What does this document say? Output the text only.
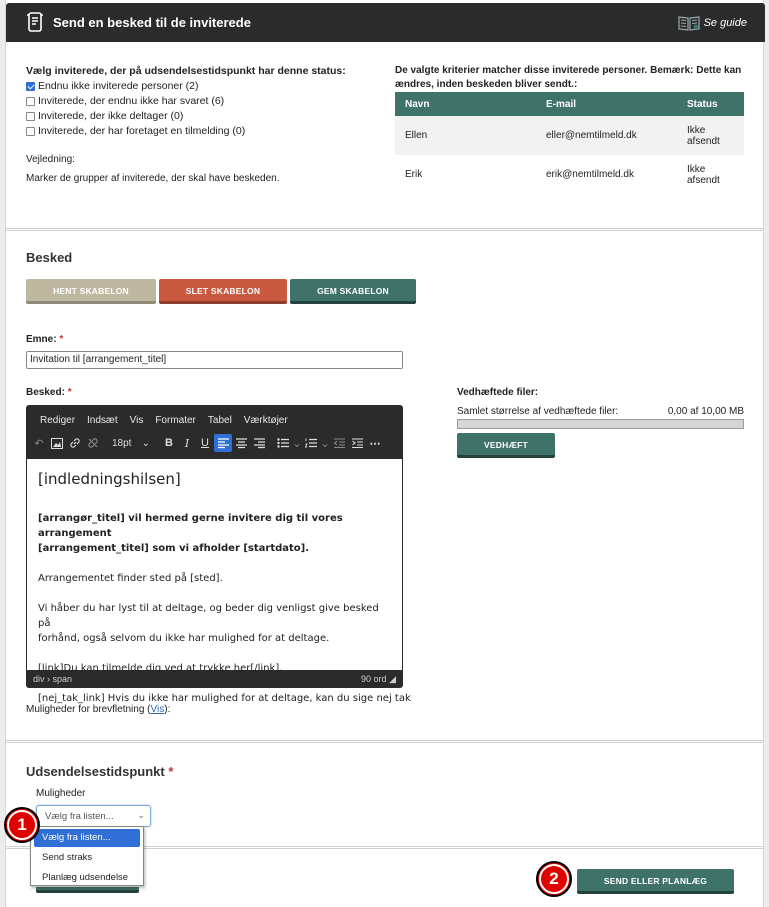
Send en besked til de inviterede	Se guide
Vælg inviterede, der på udsendelsestidspunkt har denne status:
Endnu ikke inviterede personer (2)
Inviterede, der endnu ikke har svaret (6)
Inviterede, der ikke deltager (0)
Inviterede, der har foretaget en tilmelding (0)
Vejledning:
Marker de grupper af inviterede, der skal have beskeden.
De valgte kriterier matcher disse inviterede personer. Bemærk: Dette kan
ændres, inden beskeden bliver sendt.:
Navn	E-mail	Status
Ellen	eller@nemtilmeld.dk	Ikke
afsendt

Erik	erik@nemtilmeld.dk	Ikke
afsendt
Besked
HENT SKABELON	SLET SKABELON	GEM SKABELON
Emne: *
Invitation til [arrangement_titel]
Besked: *
Rediger Indsæt Vis Formater Tabel Værktøjer
↶	18pt ⌄	B	I	U	⌄ ⌄	⋯

[indledningshilsen]

[arrangør_titel] vil hermed gerne invitere dig til vores arrangement
[arrangement_titel] som vi afholder [startdato].

Arrangementet finder sted på [sted].

Vi håber du har lyst til at deltage, og beder dig venligst give besked på
forhånd, også selvom du ikke har mulighed for at deltage.

[link]Du kan tilmelde dig ved at trykke her[/link].

[nej_tak_link] Hvis du ikke har mulighed for at deltage, kan du sige nej tak

div › span	90 ord ◢
Muligheder for brevfletning (Vis):
Vedhæftede filer:
Samlet størrelse af vedhæftede filer:	0,00 af 10,00 MB
VEDHÆFT
Udsendelsestidspunkt *
Muligheder
Vælg fra listen...	⌄
SEND ELLER PLANLÆG
Vælg fra listen...
Send straks
Planlæg udsendelse
1
2
